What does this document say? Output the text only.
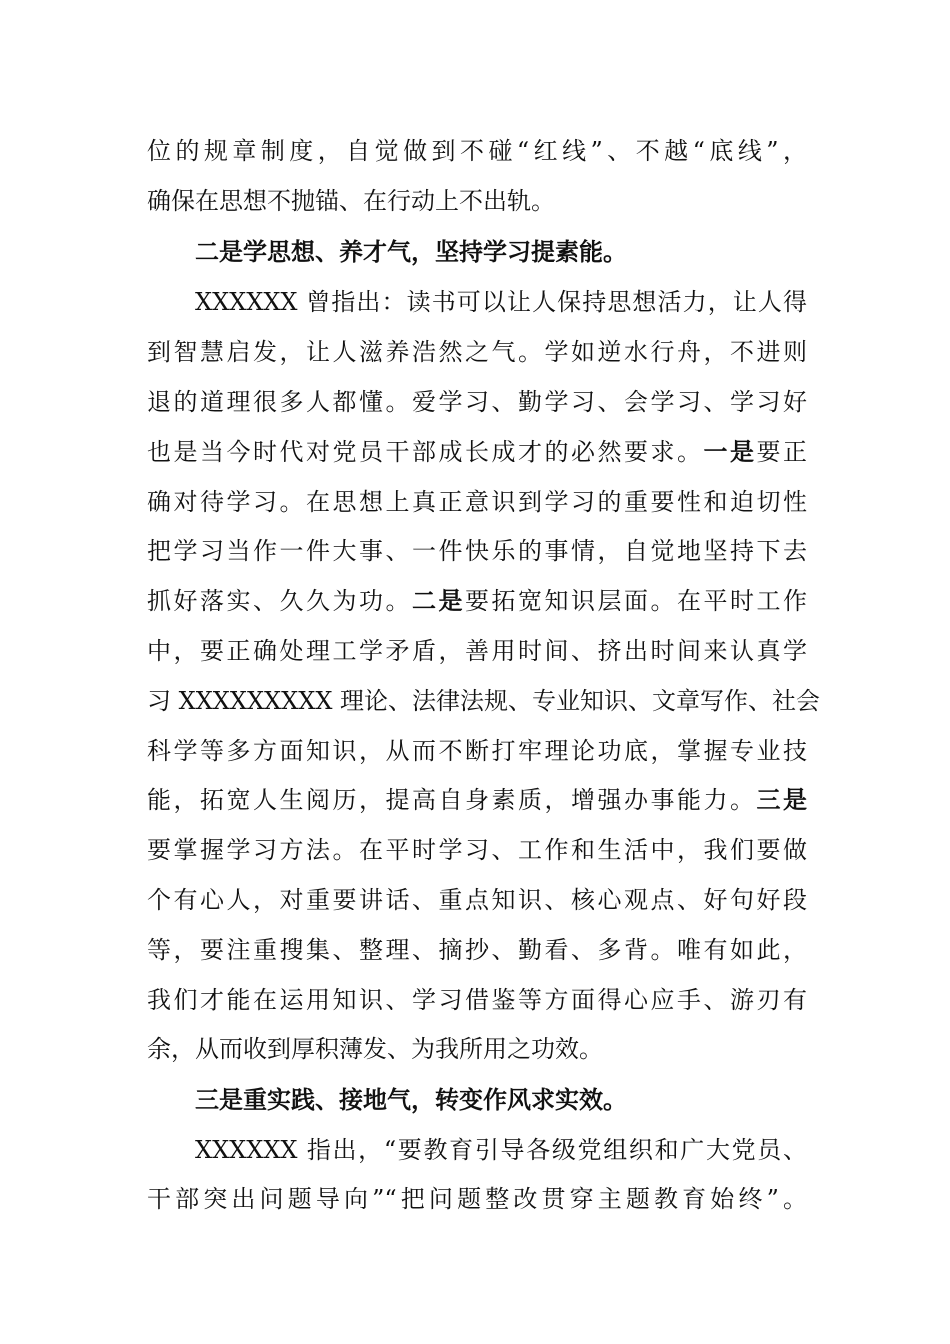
位的规章制度，自觉做到不碰“红线”、不越“底线”，
确保在思想不抛锚、在行动上不出轨。
二是学思想、养才气，坚持学习提素能。
XXXXXX 曾指出：读书可以让人保持思想活力，让人得
到智慧启发，让人滋养浩然之气。学如逆水行舟，不进则
退的道理很多人都懂。爱学习、勤学习、会学习、学习好
也是当今时代对党员干部成长成才的必然要求。一是要正
确对待学习。在思想上真正意识到学习的重要性和迫切性
把学习当作一件大事、一件快乐的事情，自觉地坚持下去
抓好落实、久久为功。二是要拓宽知识层面。在平时工作
中，要正确处理工学矛盾，善用时间、挤出时间来认真学
习 XXXXXXXXX 理论、法律法规、专业知识、文章写作、社会
科学等多方面知识，从而不断打牢理论功底，掌握专业技
能，拓宽人生阅历，提高自身素质，增强办事能力。三是
要掌握学习方法。在平时学习、工作和生活中，我们要做
个有心人，对重要讲话、重点知识、核心观点、好句好段
等，要注重搜集、整理、摘抄、勤看、多背。唯有如此，
我们才能在运用知识、学习借鉴等方面得心应手、游刃有
余，从而收到厚积薄发、为我所用之功效。
三是重实践、接地气，转变作风求实效。
XXXXXX 指出，“要教育引导各级党组织和广大党员、
干部突出问题导向”“把问题整改贯穿主题教育始终”。
